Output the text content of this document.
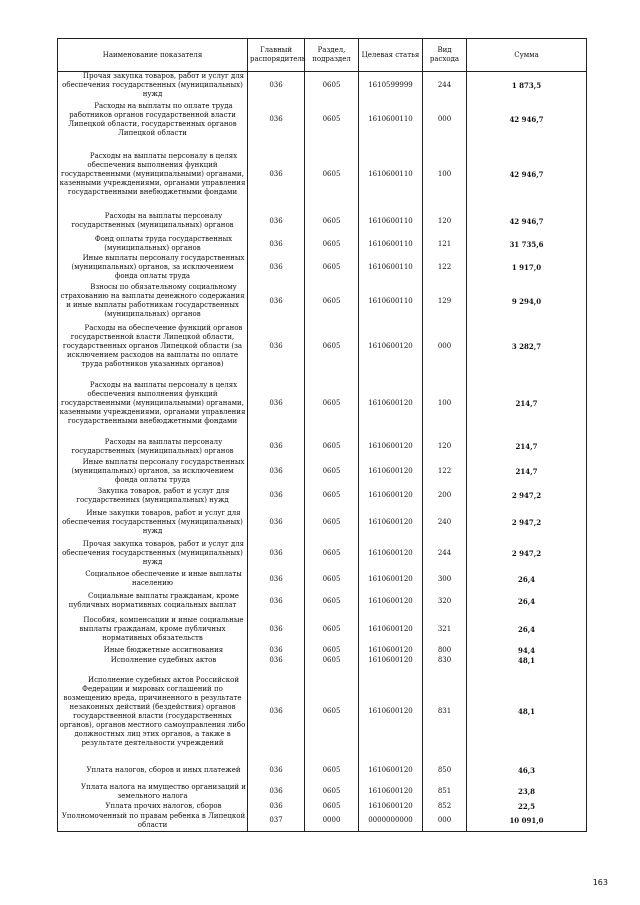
Наименование показателя	Главный распорядитель	Раздел, подраздел	Целевая статья	Вид расхода	Сумма
Прочая закупка товаров, работ и услуг для обеспечения государственных (муниципальных) нужд	036	0605	1610599999	244	1 873,5
Расходы на выплаты по оплате труда работников органов государственной власти Липецкой области, государственных органов Липецкой области	036	0605	1610600110	000	42 946,7
Расходы на выплаты персоналу в целях обеспечения выполнения функций государственными (муниципальными) органами, казенными учреждениями, органами управления государственными внебюджетными фондами	036	0605	1610600110	100	42 946,7
Расходы на выплаты персоналу государственных (муниципальных) органов	036	0605	1610600110	120	42 946,7
Фонд оплаты труда государственных (муниципальных) органов	036	0605	1610600110	121	31 735,6
Иные выплаты персоналу государственных (муниципальных) органов, за исключением фонда оплаты труда	036	0605	1610600110	122	1 917,0
Взносы по обязательному социальному страхованию на выплаты денежного содержания и иные выплаты работникам государственных (муниципальных) органов	036	0605	1610600110	129	9 294,0
Расходы на обеспечение функций органов государственной власти Липецкой области, государственных органов Липецкой области (за исключением расходов на выплаты по оплате труда работников указанных органов)	036	0605	1610600120	000	3 282,7
Расходы на выплаты персоналу в целях обеспечения выполнения функций государственными (муниципальными) органами, казенными учреждениями, органами управления государственными внебюджетными фондами	036	0605	1610600120	100	214,7
Расходы на выплаты персоналу государственных (муниципальных) органов	036	0605	1610600120	120	214,7
Иные выплаты персоналу государственных (муниципальных) органов, за исключением фонда оплаты труда	036	0605	1610600120	122	214,7
Закупка товаров, работ и услуг для государственных (муниципальных) нужд	036	0605	1610600120	200	2 947,2
Иные закупки товаров, работ и услуг для обеспечения государственных (муниципальных) нужд	036	0605	1610600120	240	2 947,2
Прочая закупка товаров, работ и услуг для обеспечения государственных (муниципальных) нужд	036	0605	1610600120	244	2 947,2
Социальное обеспечение и иные выплаты населению	036	0605	1610600120	300	26,4
Социальные выплаты гражданам, кроме публичных нормативных социальных выплат	036	0605	1610600120	320	26,4
Пособия, компенсации и иные социальные выплаты гражданам, кроме публичных нормативных обязательств	036	0605	1610600120	321	26,4
Иные бюджетные ассигнования	036	0605	1610600120	800	94,4
Исполнение судебных актов	036	0605	1610600120	830	48,1
Исполнение судебных актов Российской Федерации и мировых соглашений по возмещению вреда, причиненного в результате незаконных действий (бездействия) органов государственной власти (государственных органов), органов местного самоуправления либо должностных лиц этих органов, а также в результате деятельности учреждений	036	0605	1610600120	831	48,1
Уплата налогов, сборов и иных платежей	036	0605	1610600120	850	46,3
Уплата налога на имущество организаций и земельного налога	036	0605	1610600120	851	23,8
Уплата прочих налогов, сборов	036	0605	1610600120	852	22,5
Уполномоченный по правам ребенка в Липецкой области	037	0000	0000000000	000	10 091,0
163
